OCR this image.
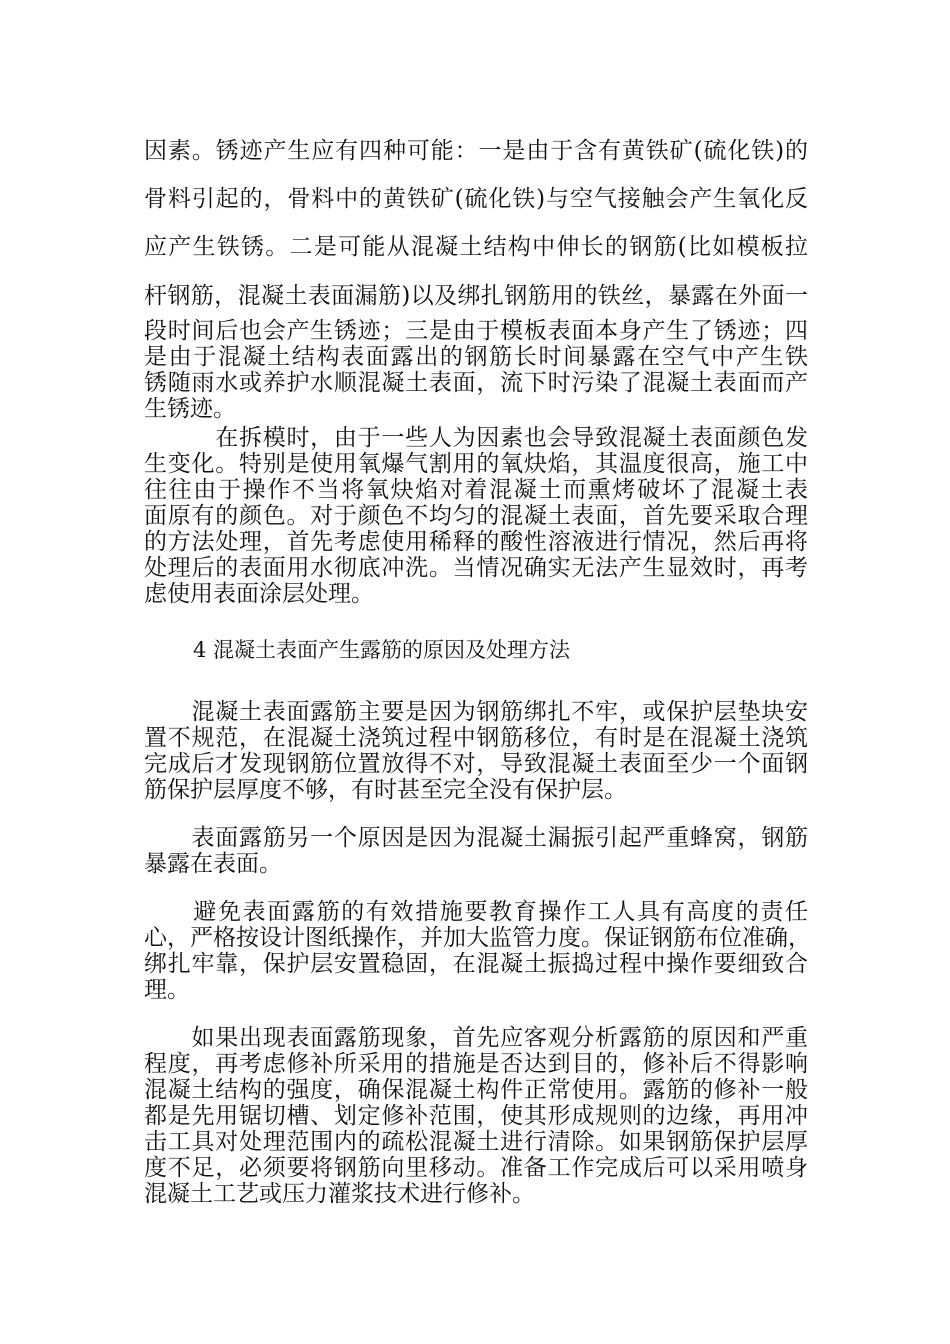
因素。锈迹产生应有四种可能：一是由于含有黄铁矿(硫化铁)的
骨料引起的，骨料中的黄铁矿(硫化铁)与空气接触会产生氧化反
应产生铁锈。二是可能从混凝土结构中伸长的钢筋(比如模板拉
杆钢筋，混凝土表面漏筋)以及绑扎钢筋用的铁丝，暴露在外面一
段时间后也会产生锈迹；三是由于模板表面本身产生了锈迹；四
是由于混凝土结构表面露出的钢筋长时间暴露在空气中产生铁
锈随雨水或养护水顺混凝土表面，流下时污染了混凝土表面而产
生锈迹。
　　　在拆模时，由于一些人为因素也会导致混凝土表面颜色发
生变化。特别是使用氧爆气割用的氧炔焰，其温度很高，施工中
往往由于操作不当将氧炔焰对着混凝土而熏烤破坏了混凝土表
面原有的颜色。对于颜色不均匀的混凝土表面，首先要采取合理
的方法处理，首先考虑使用稀释的酸性溶液进行情况，然后再将
处理后的表面用水彻底冲洗。当情况确实无法产生显效时，再考
虑使用表面涂层处理。
4 混凝土表面产生露筋的原因及处理方法
　　混凝土表面露筋主要是因为钢筋绑扎不牢，或保护层垫块安
置不规范，在混凝土浇筑过程中钢筋移位，有时是在混凝土浇筑
完成后才发现钢筋位置放得不对，导致混凝土表面至少一个面钢
筋保护层厚度不够，有时甚至完全没有保护层。
　　表面露筋另一个原因是因为混凝土漏振引起严重蜂窝，钢筋
暴露在表面。
　　避免表面露筋的有效措施要教育操作工人具有高度的责任
心，严格按设计图纸操作，并加大监管力度。保证钢筋布位准确，
绑扎牢靠，保护层安置稳固，在混凝土振捣过程中操作要细致合
理。
　　如果出现表面露筋现象，首先应客观分析露筋的原因和严重
程度，再考虑修补所采用的措施是否达到目的，修补后不得影响
混凝土结构的强度，确保混凝土构件正常使用。露筋的修补一般
都是先用锯切槽、划定修补范围，使其形成规则的边缘，再用冲
击工具对处理范围内的疏松混凝土进行清除。如果钢筋保护层厚
度不足，必须要将钢筋向里移动。准备工作完成后可以采用喷身
混凝土工艺或压力灌浆技术进行修补。
